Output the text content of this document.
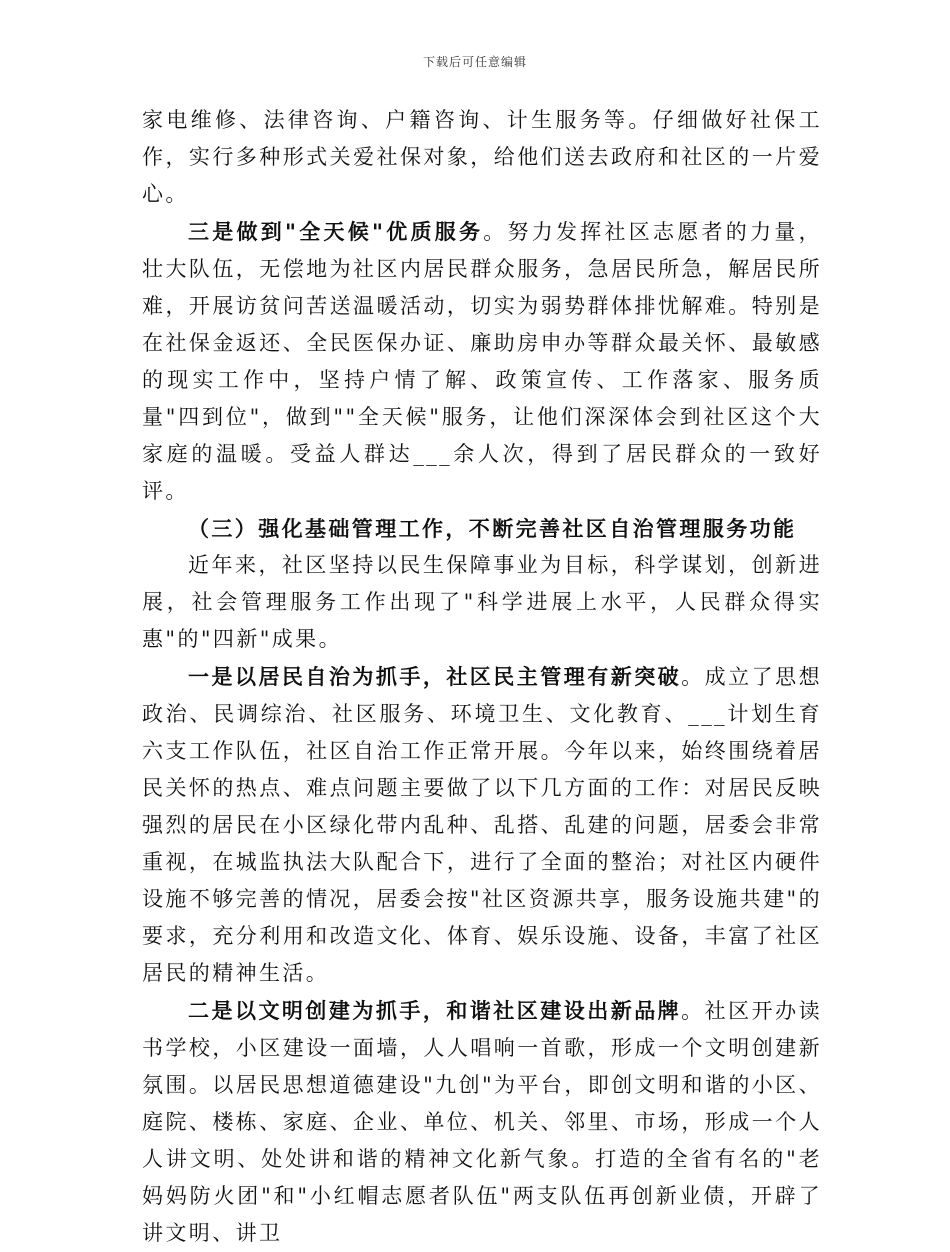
下载后可任意编辑

家电维修、法律咨询、户籍咨询、计生服务等。仔细做好社保工作，实行多种形式关爱社保对象，给他们送去政府和社区的一片爱心。

三是做到"全天候"优质服务。努力发挥社区志愿者的力量，壮大队伍，无偿地为社区内居民群众服务，急居民所急，解居民所难，开展访贫问苦送温暖活动，切实为弱势群体排忧解难。特别是在社保金返还、全民医保办证、廉助房申办等群众最关怀、最敏感的现实工作中，坚持户情了解、政策宣传、工作落家、服务质量"四到位"，做到""全天候"服务，让他们深深体会到社区这个大家庭的温暖。受益人群达___余人次，得到了居民群众的一致好评。

（三）强化基础管理工作，不断完善社区自治管理服务功能

近年来，社区坚持以民生保障事业为目标，科学谋划，创新进展，社会管理服务工作出现了"科学进展上水平，人民群众得实惠"的"四新"成果。

一是以居民自治为抓手，社区民主管理有新突破。成立了思想政治、民调综治、社区服务、环境卫生、文化教育、___计划生育六支工作队伍，社区自治工作正常开展。今年以来，始终围绕着居民关怀的热点、难点问题主要做了以下几方面的工作：对居民反映强烈的居民在小区绿化带内乱种、乱搭、乱建的问题，居委会非常重视，在城监执法大队配合下，进行了全面的整治；对社区内硬件设施不够完善的情况，居委会按"社区资源共享，服务设施共建"的要求，充分利用和改造文化、体育、娱乐设施、设备，丰富了社区居民的精神生活。

二是以文明创建为抓手，和谐社区建设出新品牌。社区开办读书学校，小区建设一面墙，人人唱响一首歌，形成一个文明创建新氛围。以居民思想道德建设"九创"为平台，即创文明和谐的小区、庭院、楼栋、家庭、企业、单位、机关、邻里、市场，形成一个人人讲文明、处处讲和谐的精神文化新气象。打造的全省有名的"老妈妈防火团"和"小红帽志愿者队伍"两支队伍再创新业债，开辟了讲文明、讲卫
